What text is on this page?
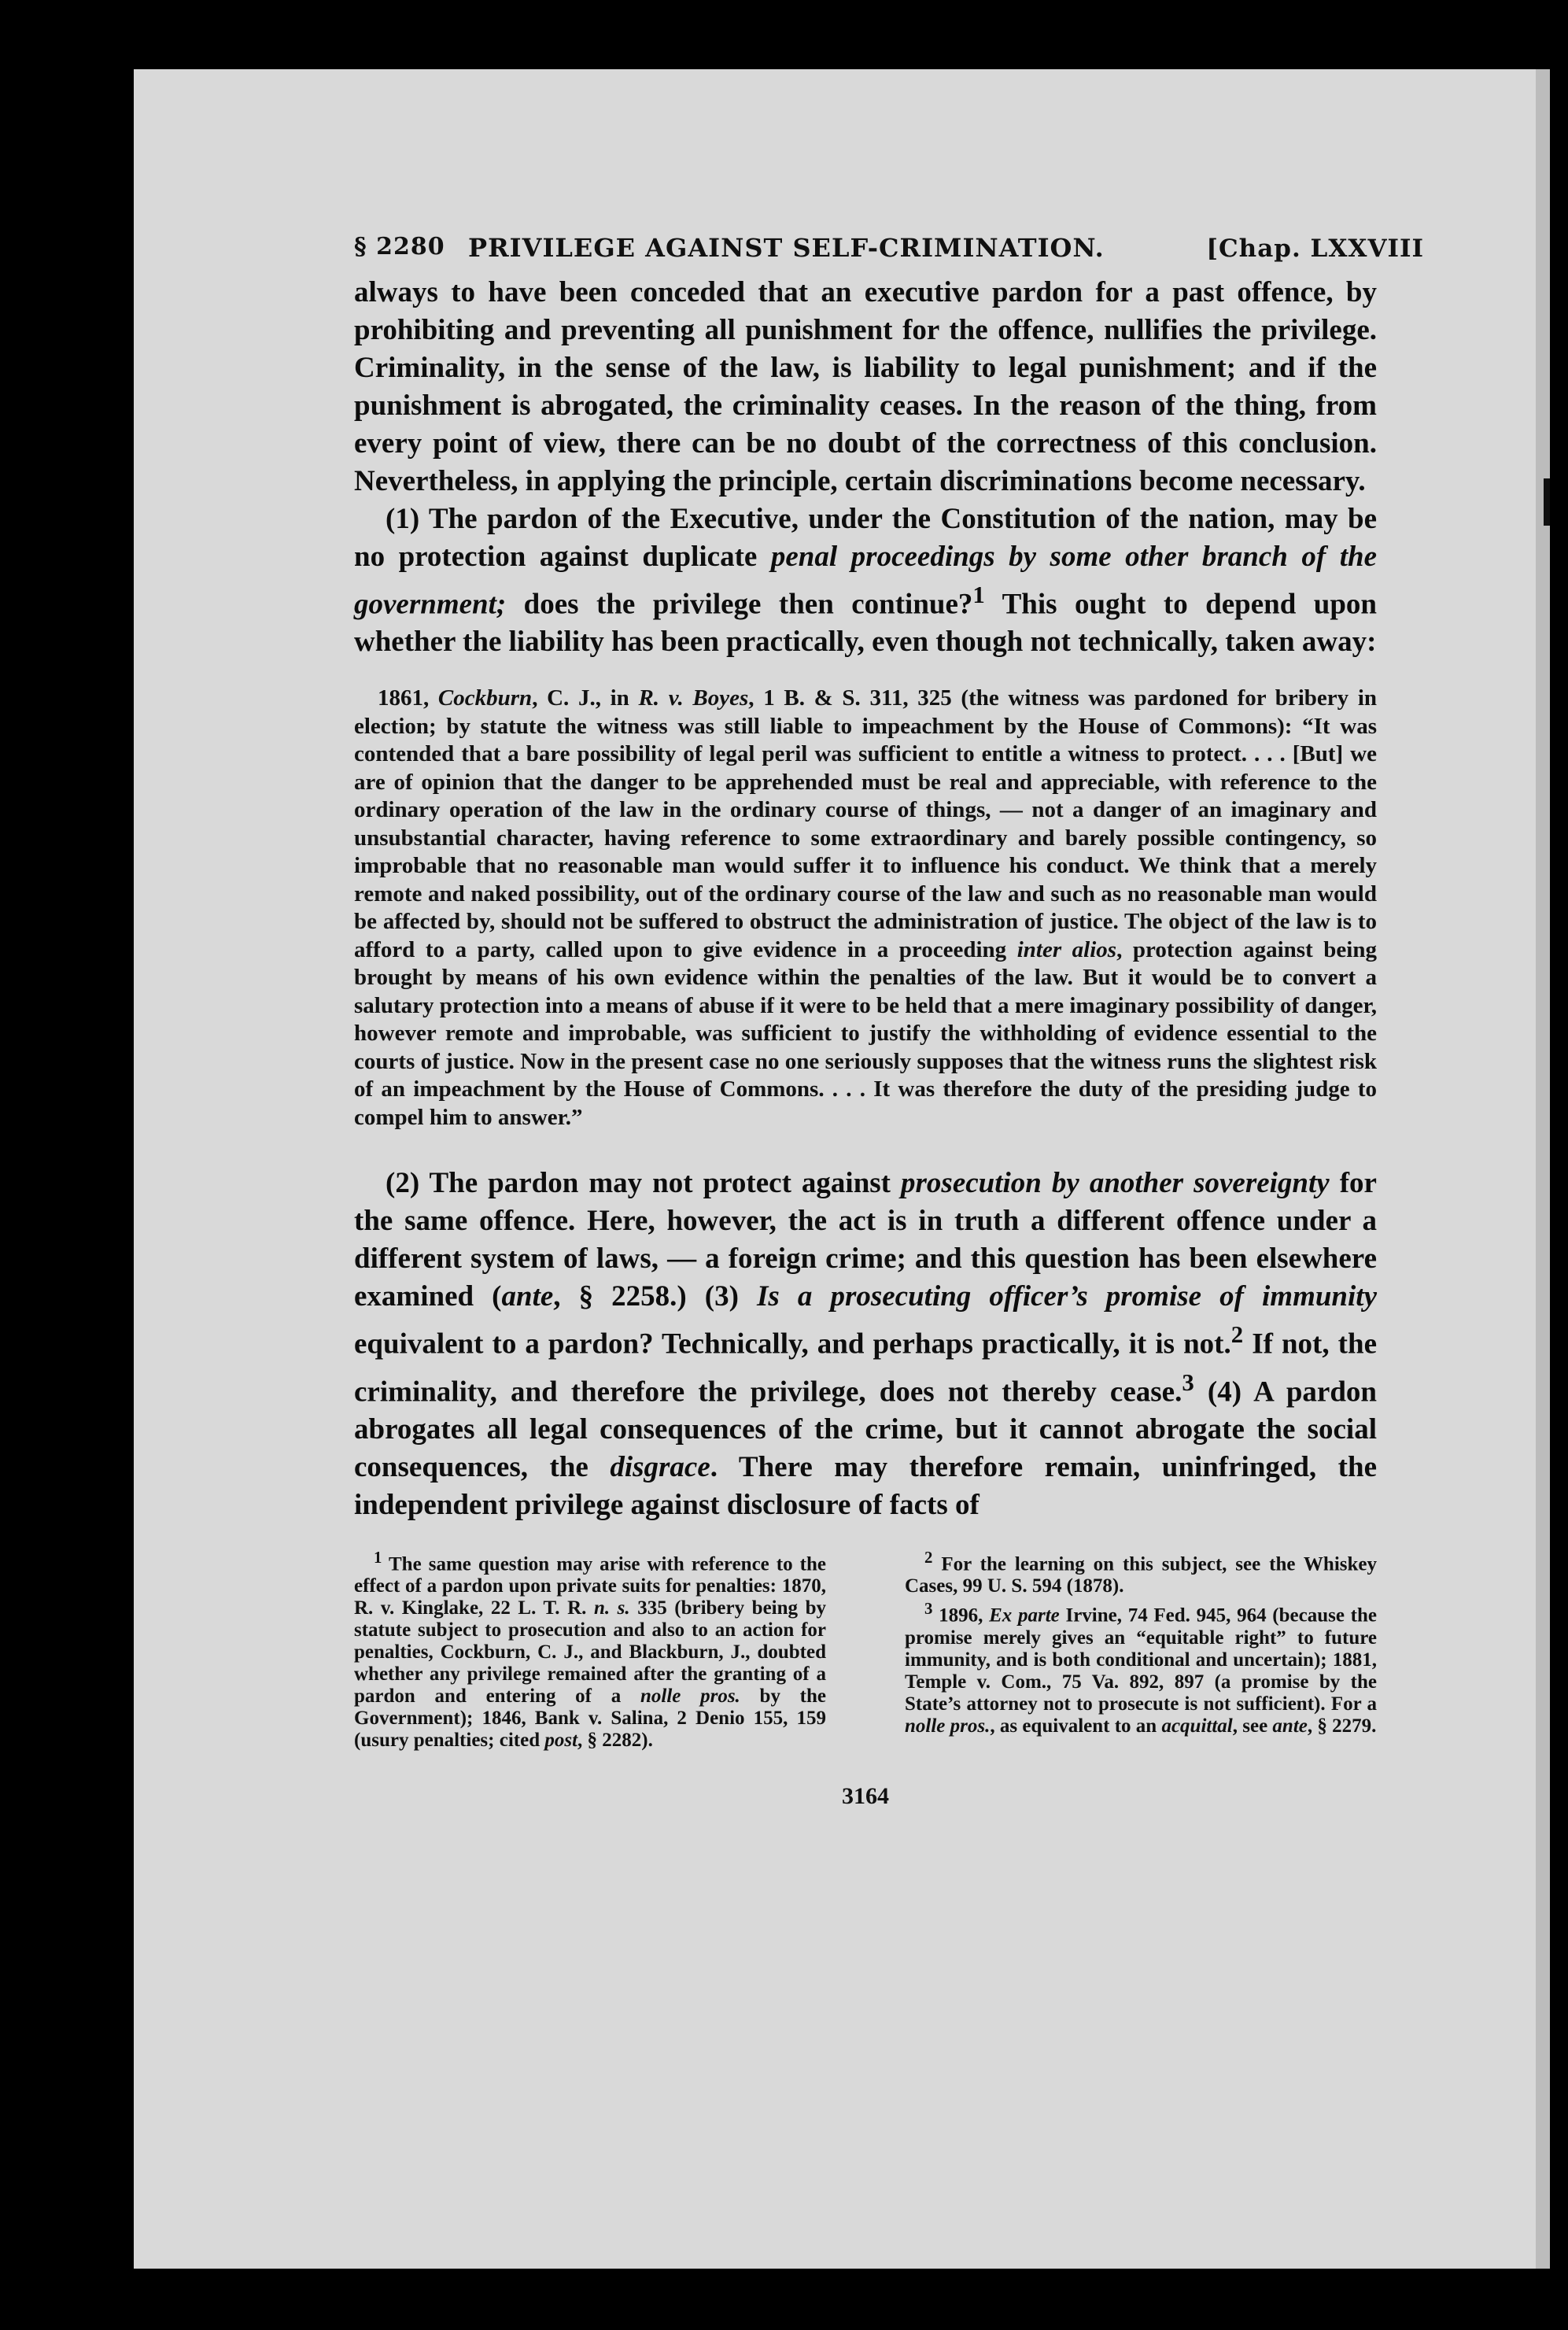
§ 2280 PRIVILEGE AGAINST SELF-CRIMINATION.	[Chap. LXXVIII

always to have been conceded that an executive pardon for a past offence, by prohibiting and preventing all punishment for the offence, nullifies the privilege. Criminality, in the sense of the law, is liability to legal punishment; and if the punishment is abrogated, the criminality ceases. In the reason of the thing, from every point of view, there can be no doubt of the correctness of this conclusion. Nevertheless, in applying the principle, certain discriminations become necessary.

(1) The pardon of the Executive, under the Constitution of the nation, may be no protection against duplicate penal proceedings by some other branch of the government; does the privilege then continue?$^1$ This ought to depend upon whether the liability has been practically, even though not technically, taken away:

1861, Cockburn, C. J., in R. v. Boyes, 1 B. & S. 311, 325 (the witness was pardoned for bribery in election; by statute the witness was still liable to impeachment by the House of Commons): “It was contended that a bare possibility of legal peril was sufficient to entitle a witness to protect. . . . [But] we are of opinion that the danger to be apprehended must be real and appreciable, with reference to the ordinary operation of the law in the ordinary course of things, — not a danger of an imaginary and unsubstantial character, having reference to some extraordinary and barely possible contingency, so improbable that no reasonable man would suffer it to influence his conduct. We think that a merely remote and naked possibility, out of the ordinary course of the law and such as no reasonable man would be affected by, should not be suffered to obstruct the administration of justice. The object of the law is to afford to a party, called upon to give evidence in a proceeding inter alios, protection against being brought by means of his own evidence within the penalties of the law. But it would be to convert a salutary protection into a means of abuse if it were to be held that a mere imaginary possibility of danger, however remote and improbable, was sufficient to justify the withholding of evidence essential to the courts of justice. Now in the present case no one seriously supposes that the witness runs the slightest risk of an impeachment by the House of Commons. . . . It was therefore the duty of the presiding judge to compel him to answer.”

(2) The pardon may not protect against prosecution by another sovereignty for the same offence. Here, however, the act is in truth a different offence under a different system of laws, — a foreign crime; and this question has been elsewhere examined (ante, § 2258.) (3) Is a prosecuting officer’s promise of immunity equivalent to a pardon? Technically, and perhaps practically, it is not.$^2$ If not, the criminality, and therefore the privilege, does not thereby cease.$^3$ (4) A pardon abrogates all legal consequences of the crime, but it cannot abrogate the social consequences, the disgrace. There may therefore remain, uninfringed, the independent privilege against disclosure of facts of

$^1$ The same question may arise with reference to the effect of a pardon upon private suits for penalties: 1870, R. v. Kinglake, 22 L. T. R. n. s. 335 (bribery being by statute subject to prosecution and also to an action for penalties, Cockburn, C. J., and Blackburn, J., doubted whether any privilege remained after the granting of a pardon and entering of a nolle pros. by the Government); 1846, Bank v. Salina, 2 Denio 155, 159 (usury penalties; cited post, § 2282).

$^2$ For the learning on this subject, see the Whiskey Cases, 99 U. S. 594 (1878).

$^3$ 1896, Ex parte Irvine, 74 Fed. 945, 964 (because the promise merely gives an “equitable right” to future immunity, and is both conditional and uncertain); 1881, Temple v. Com., 75 Va. 892, 897 (a promise by the State’s attorney not to prosecute is not sufficient). For a nolle pros., as equivalent to an acquittal, see ante, § 2279.

3164
